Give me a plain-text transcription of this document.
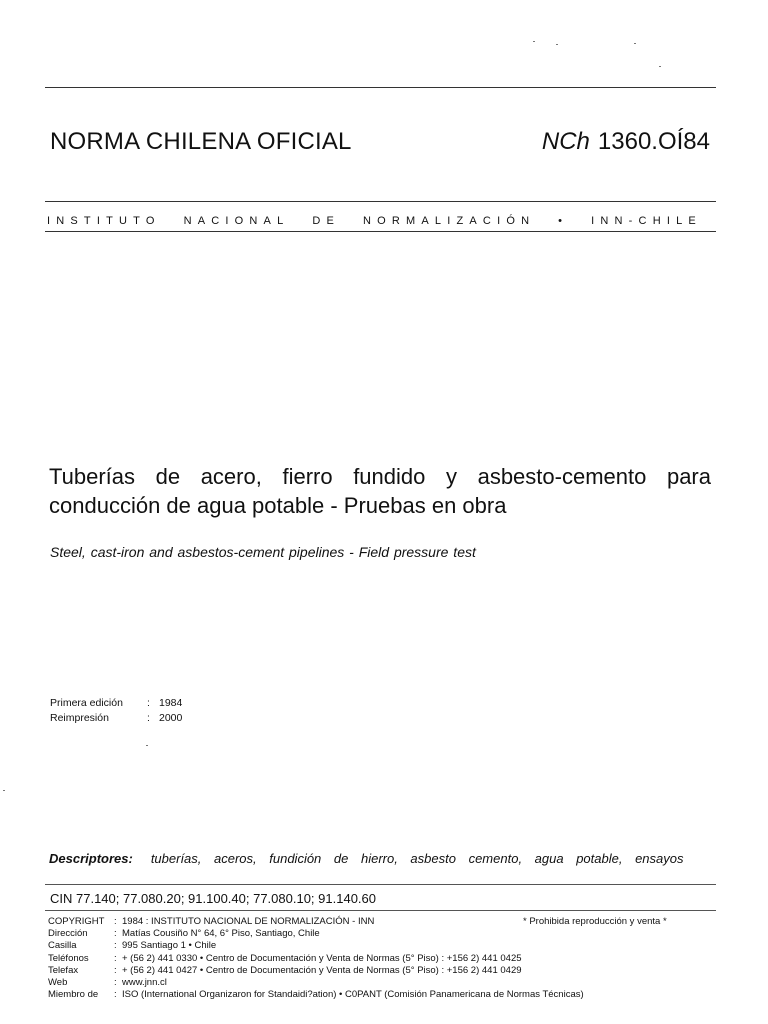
NORMA CHILENA OFICIAL	NCh 1360.OÍ84
INSTITUTO NACIONAL DE NORMALIZACIÓN • INN-CHILE
Tuberías de acero, fierro fundido y asbesto-cemento para conducción de agua potable - Pruebas en obra
Steel, cast-iron and asbestos-cement pipelines - Field pressure test
Primera edición	:	1984
Reimpresión	:	2000
Descriptores: tuberías, aceros, fundición de hierro, asbesto cemento, agua potable, ensayos
CIN 77.140; 77.080.20; 91.100.40; 77.080.10; 91.140.60
* Prohibida reproducción y venta *
COPYRIGHT	:	1984 : INSTITUTO NACIONAL DE NORMALIZACIÓN - INN
Dirección	:	Matías Cousiño N° 64, 6° Piso, Santiago, Chile
Casilla	:	995 Santiago 1 • Chile
Teléfonos	:	+ (56 2) 441 0330 • Centro de Documentación y Venta de Normas (5° Piso) : +156 2) 441 0425
Telefax	:	+ (56 2) 441 0427 • Centro de Documentación y Venta de Normas (5° Piso) : +156 2) 441 0429
Web	:	www.jnn.cl
Miembro de	:	ISO (International Organizaron for Standaidi?ation) • C0PANT (Comisión Panamericana de Normas Técnicas)
